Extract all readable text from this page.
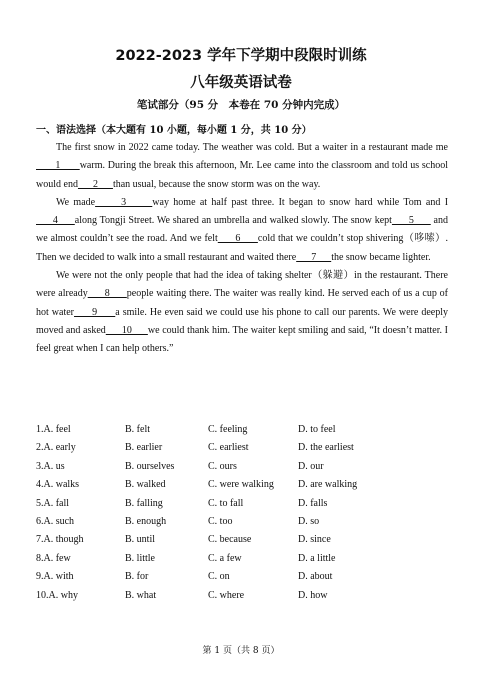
2022-2023 学年下学期中段限时训练
八年级英语试卷
笔试部分（95 分　本卷在 70 分钟内完成）
一、语法选择（本大题有 10 小题，每小题 1 分，共 10 分）

The first snow in 2022 came today. The weather was cold. But a waiter in a restaurant made me       1       warm. During the break this afternoon, Mr. Lee came into the classroom and told us school would end      2      than usual, because the snow storm was on the way.

We made      3      way home at half past three. It began to snow hard while Tom and I       4      along Tongji Street. We shared an umbrella and walked slowly. The snow kept      5       and we almost couldn’t see the road. And we felt      6      cold that we couldn’t stop shivering（哆嗦）. Then we decided to walk into a small restaurant and waited there      7      the snow became lighter.

We were not the only people that had the idea of taking shelter（躲避）in the restaurant. There were already      8      people waiting there. The waiter was really kind. He served each of us a cup of hot water      9      a smile. He even said we could use his phone to call our parents. We were deeply moved and asked      10      we could thank him. The waiter kept smiling and said, “It doesn’t matter. I feel great when I can help others.”

1.A. feel	B. felt	C. feeling	D. to feel
2.A. early	B. earlier	C. earliest	D. the earliest
3.A. us	B. ourselves	C. ours	D. our
4.A. walks	B. walked	C. were walking D. are walking
5.A. fall	B. falling	C. to fall	D. falls
6.A. such	B. enough	C. too	D. so
7.A. though	B. until	C. because	D. since
8.A. few	B. little	C. a few	D. a little
9.A. with	B. for	C. on	D. about
10.A. why	B. what	C. where	D. how
第 1 页（共 8 页）
